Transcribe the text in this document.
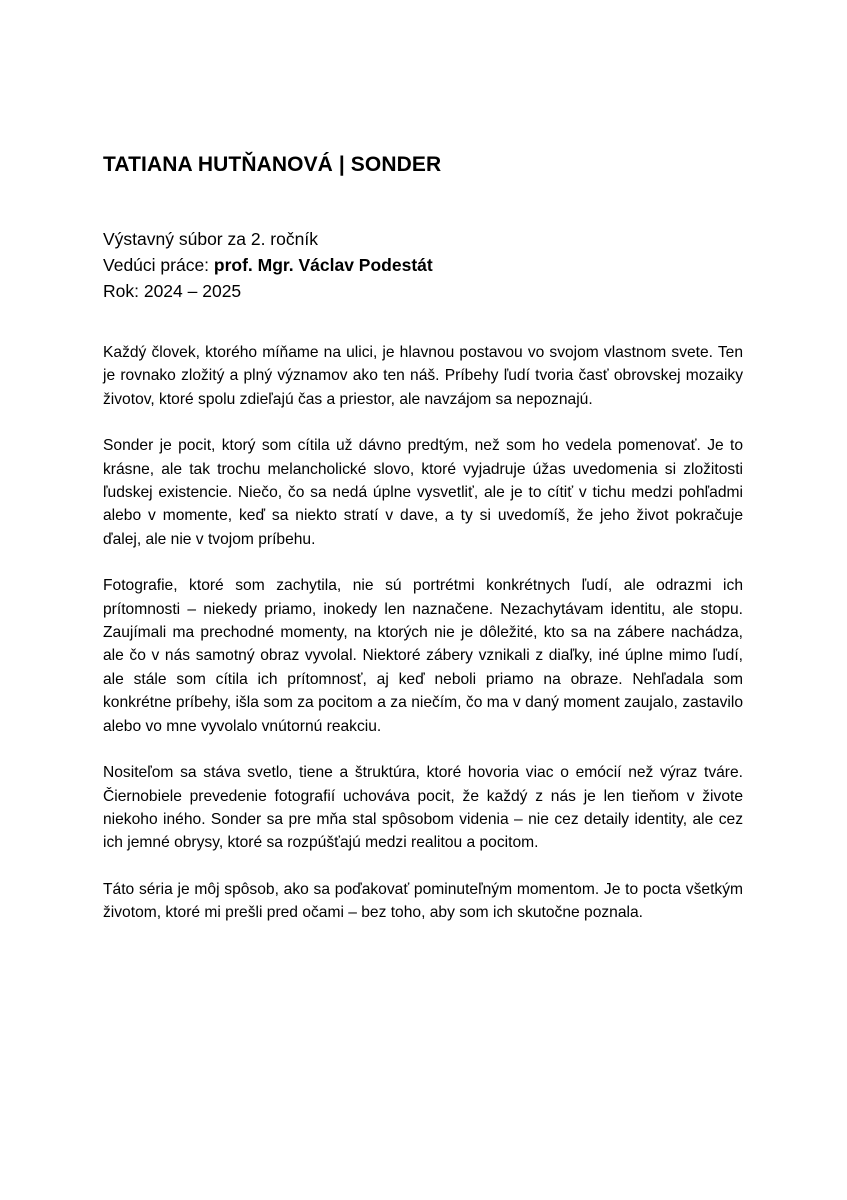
TATIANA HUTŇANOVÁ | SONDER
Výstavný súbor za 2. ročník
Vedúci práce: prof. Mgr. Václav Podestát
Rok: 2024 – 2025

Každý človek, ktorého míňame na ulici, je hlavnou postavou vo svojom vlastnom svete. Ten je rovnako zložitý a plný významov ako ten náš. Príbehy ľudí tvoria časť obrovskej mozaiky životov, ktoré spolu zdieľajú čas a priestor, ale navzájom sa nepoznajú.

Sonder je pocit, ktorý som cítila už dávno predtým, než som ho vedela pomenovať. Je to krásne, ale tak trochu melancholické slovo, ktoré vyjadruje úžas uvedomenia si zložitosti ľudskej existencie. Niečo, čo sa nedá úplne vysvetliť, ale je to cítiť v tichu medzi pohľadmi alebo v momente, keď sa niekto stratí v dave, a ty si uvedomíš, že jeho život pokračuje ďalej, ale nie v tvojom príbehu.

Fotografie, ktoré som zachytila, nie sú portrétmi konkrétnych ľudí, ale odrazmi ich prítomnosti – niekedy priamo, inokedy len naznačene. Nezachytávam identitu, ale stopu. Zaujímali ma prechodné momenty, na ktorých nie je dôležité, kto sa na zábere nachádza, ale čo v nás samotný obraz vyvolal. Niektoré zábery vznikali z diaľky, iné úplne mimo ľudí, ale stále som cítila ich prítomnosť, aj keď neboli priamo na obraze. Nehľadala som konkrétne príbehy, išla som za pocitom a za niečím, čo ma v daný moment zaujalo, zastavilo alebo vo mne vyvolalo vnútornú reakciu.

Nositeľom sa stáva svetlo, tiene a štruktúra, ktoré hovoria viac o emócií než výraz tváre. Čiernobiele prevedenie fotografií uchováva pocit, že každý z nás je len tieňom v živote niekoho iného. Sonder sa pre mňa stal spôsobom videnia – nie cez detaily identity, ale cez ich jemné obrysy, ktoré sa rozpúšťajú medzi realitou a pocitom.

Táto séria je môj spôsob, ako sa poďakovať pominuteľným momentom. Je to pocta všetkým životom, ktoré mi prešli pred očami – bez toho, aby som ich skutočne poznala.
